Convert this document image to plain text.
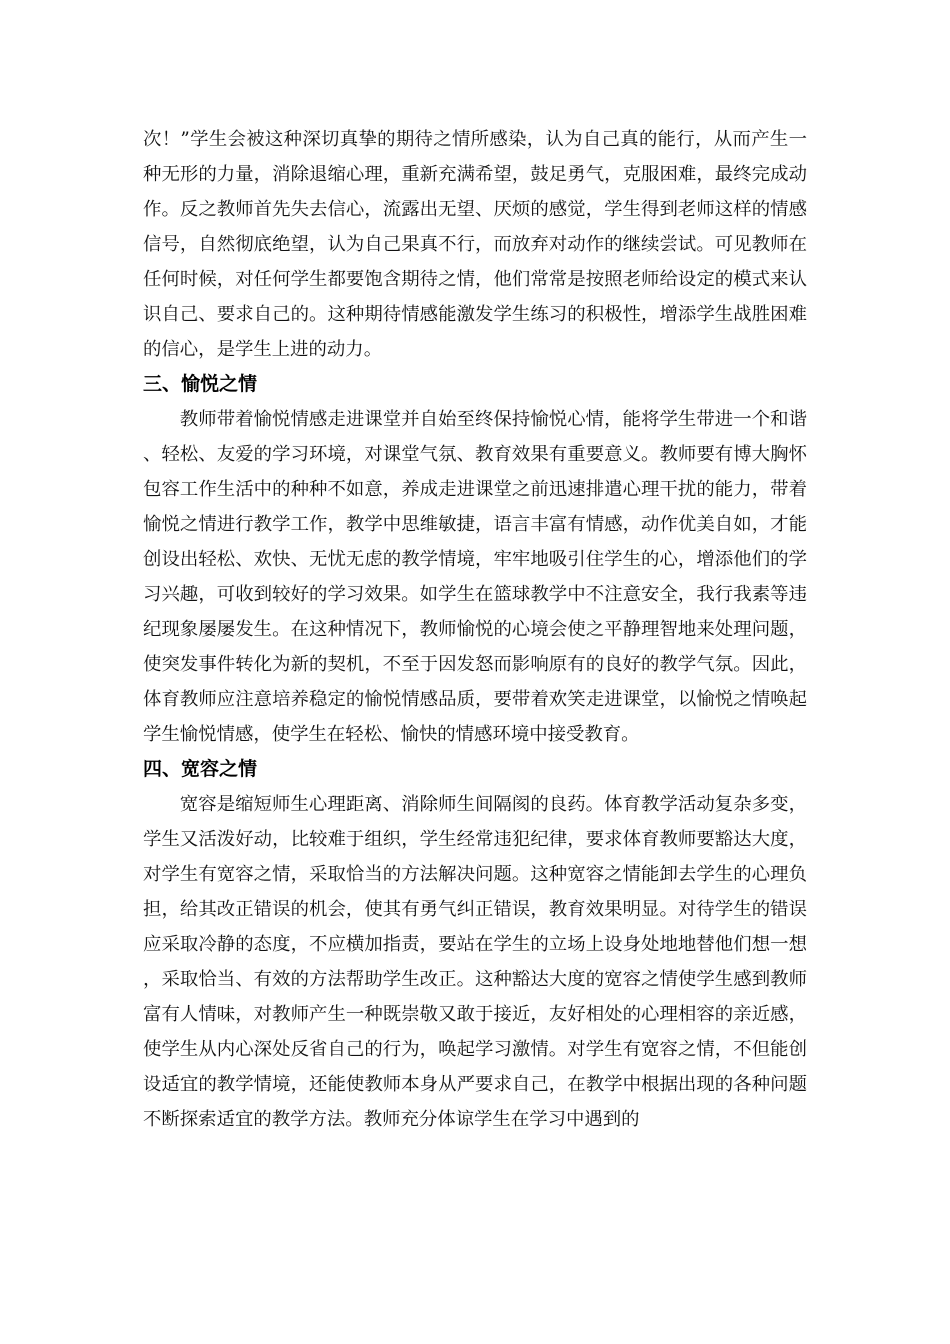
次！”学生会被这种深切真挚的期待之情所感染，认为自己真的能行，从而产生一种无形的力量，消除退缩心理，重新充满希望，鼓足勇气，克服困难，最终完成动作。反之教师首先失去信心，流露出无望、厌烦的感觉，学生得到老师这样的情感信号，自然彻底绝望，认为自己果真不行，而放弃对动作的继续尝试。可见教师在任何时候，对任何学生都要饱含期待之情，他们常常是按照老师给设定的模式来认识自己、要求自己的。这种期待情感能激发学生练习的积极性，增添学生战胜困难的信心，是学生上进的动力。

三、愉悦之情

教师带着愉悦情感走进课堂并自始至终保持愉悦心情，能将学生带进一个和谐、轻松、友爱的学习环境，对课堂气氛、教育效果有重要意义。教师要有博大胸怀包容工作生活中的种种不如意，养成走进课堂之前迅速排遣心理干扰的能力，带着愉悦之情进行教学工作，教学中思维敏捷，语言丰富有情感，动作优美自如，才能创设出轻松、欢快、无忧无虑的教学情境，牢牢地吸引住学生的心，增添他们的学习兴趣，可收到较好的学习效果。如学生在篮球教学中不注意安全，我行我素等违纪现象屡屡发生。在这种情况下，教师愉悦的心境会使之平静理智地来处理问题，使突发事件转化为新的契机，不至于因发怒而影响原有的良好的教学气氛。因此，体育教师应注意培养稳定的愉悦情感品质，要带着欢笑走进课堂，以愉悦之情唤起学生愉悦情感，使学生在轻松、愉快的情感环境中接受教育。

四、宽容之情

宽容是缩短师生心理距离、消除师生间隔阂的良药。体育教学活动复杂多变，学生又活泼好动，比较难于组织，学生经常违犯纪律，要求体育教师要豁达大度，对学生有宽容之情，采取恰当的方法解决问题。这种宽容之情能卸去学生的心理负担，给其改正错误的机会，使其有勇气纠正错误，教育效果明显。对待学生的错误应采取冷静的态度，不应横加指责，要站在学生的立场上设身处地地替他们想一想，采取恰当、有效的方法帮助学生改正。这种豁达大度的宽容之情使学生感到教师富有人情味，对教师产生一种既崇敬又敢于接近，友好相处的心理相容的亲近感，使学生从内心深处反省自己的行为，唤起学习激情。对学生有宽容之情，不但能创设适宜的教学情境，还能使教师本身从严要求自己，在教学中根据出现的各种问题不断探索适宜的教学方法。教师充分体谅学生在学习中遇到的
